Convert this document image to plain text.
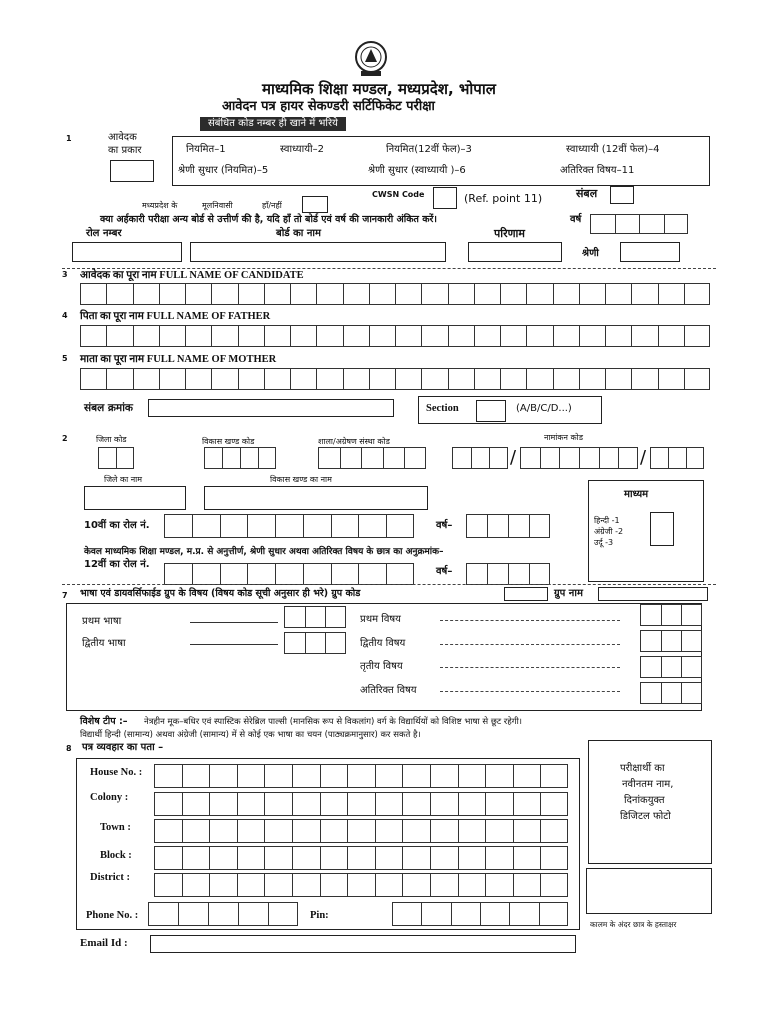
माध्यमिक शिक्षा मण्डल, मध्यप्रदेश, भोपाल
आवेदन पत्र हायर सेकण्डरी सर्टिफिकेट परीक्षा
संबंधित कोड नम्बर ही खाने में भरिये
1	आवेदक
का प्रकार	नियमित–1	स्वाध्यायी–2	नियमित(12वीं फेल)–3	स्वाध्यायी (12वीं फेल)–4
श्रेणी सुधार (नियमित)–5	श्रेणी सुधार (स्वाध्यायी )–6	अतिरिक्त विषय–11
मध्यप्रदेश के	मूलनिवासी	हाँ/नहीं
CWSN Code	(Ref. point 11)	संबल
क्या अर्हकारी परीक्षा अन्य बोर्ड से उत्तीर्ण की है, यदि हाँ तो बोर्ड एवं वर्ष की जानकारी अंकित करें।	वर्ष
रोल नम्बर	बोर्ड का नाम	परिणाम
श्रेणी
3 आवेदक का पूरा नाम FULL NAME OF CANDIDATE
4 पिता का पूरा नाम FULL NAME OF FATHER
5 माता का पूरा नाम FULL NAME OF MOTHER
संबल क्रमांक	Section	(A/B/C/D...)
2	जिला कोड	विकास खण्ड कोड	शाला/अग्रेषण संस्था कोड	नामांकन कोड
/	/
जिले का नाम	विकास खण्ड का नाम
माध्यम
हिन्दी -1
अंग्रेजी -2
उर्दू -3
10वीं का रोल नं.	वर्ष–
केवल माध्यमिक शिक्षा मण्डल, म.प्र. से अनुत्तीर्ण, श्रेणी सुधार अथवा अतिरिक्त विषय के छात्र का अनुक्रमांक–
12वीं का रोल नं.
वर्ष–
7 भाषा एवं डायवर्सिफाईड ग्रुप के विषय (विषय कोड सूची अनुसार ही भरे) ग्रुप कोड	ग्रुप नाम
प्रथम भाषा
द्वितीय भाषा
प्रथम विषय
द्वितीय विषय
तृतीय विषय
अतिरिक्त विषय
विशेष टीप :– नेत्रहीन मूक–बधिर एवं स्पास्टिक सेरेब्रिल पाल्सी (मानसिक रूप से विकलांग) वर्ग के विद्यार्थियों को विशिष्ट भाषा से छूट रहेगी।
विद्यार्थी हिन्दी (सामान्य) अथवा अंग्रेजी (सामान्य) में से कोई एक भाषा का चयन (पाठ्यक्रमानुसार) कर सकते है।
8 पत्र व्यवहार का पता –
House No. :
Colony :
Town :
Block :
District :
Phone No. :	Pin:
Email Id :
परीक्षार्थी का
नवीनतम नाम,
दिनांकयुक्त
डिजिटल फोटो
कालम के अंदर छात्र के हस्ताक्षर
